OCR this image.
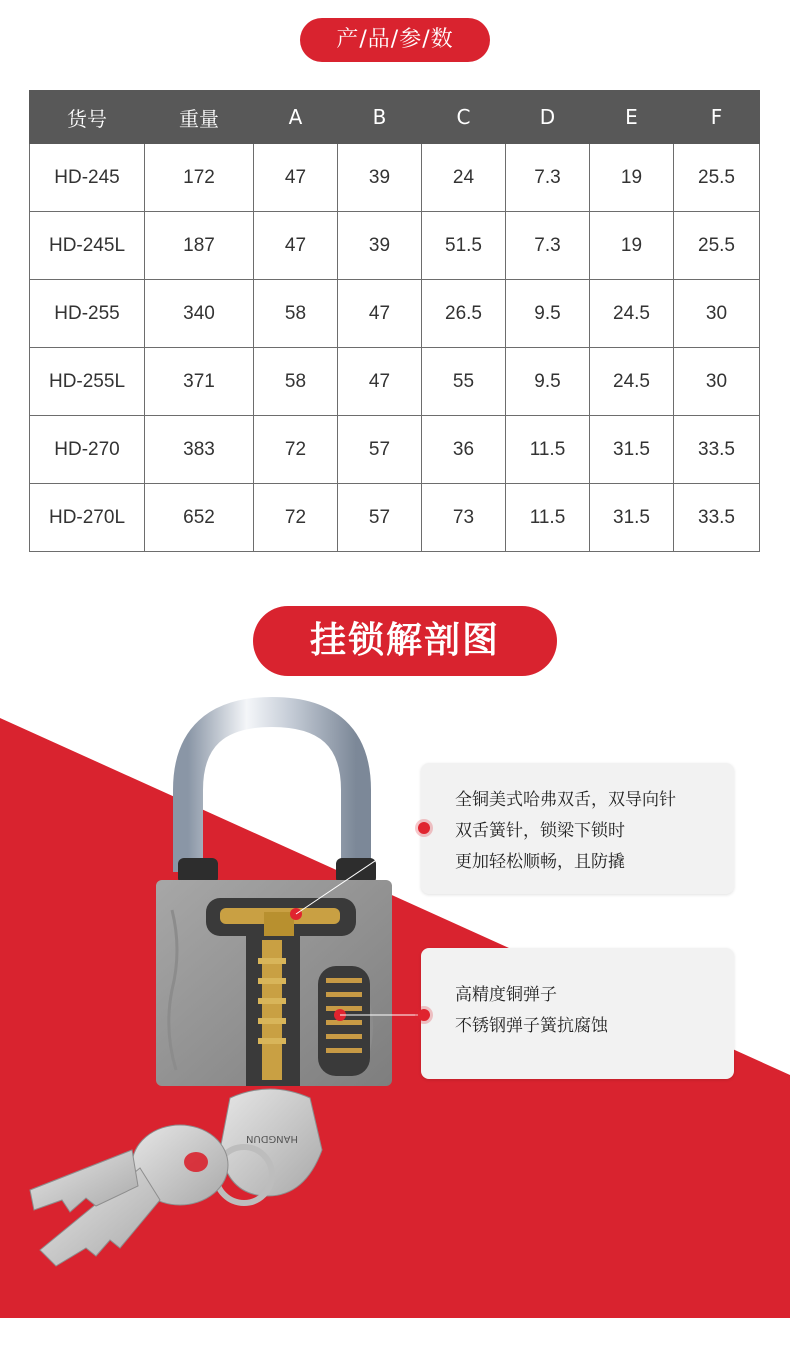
产/品/参/数
货号	重量	A	B	C	D	E	F
HD-245	172	47	39	24	7.3	19	25.5
HD-245L	187	47	39	51.5	7.3	19	25.5
HD-255	340	58	47	26.5	9.5	24.5	30
HD-255L	371	58	47	55	9.5	24.5	30
HD-270	383	72	57	36	11.5	31.5	33.5
HD-270L	652	72	57	73	11.5	31.5	33.5
挂锁解剖图
HANGDUN
全铜美式哈弗双舌，双导向针
双舌簧针，锁梁下锁时
更加轻松顺畅，且防撬
高精度铜弹子
不锈钢弹子簧抗腐蚀
